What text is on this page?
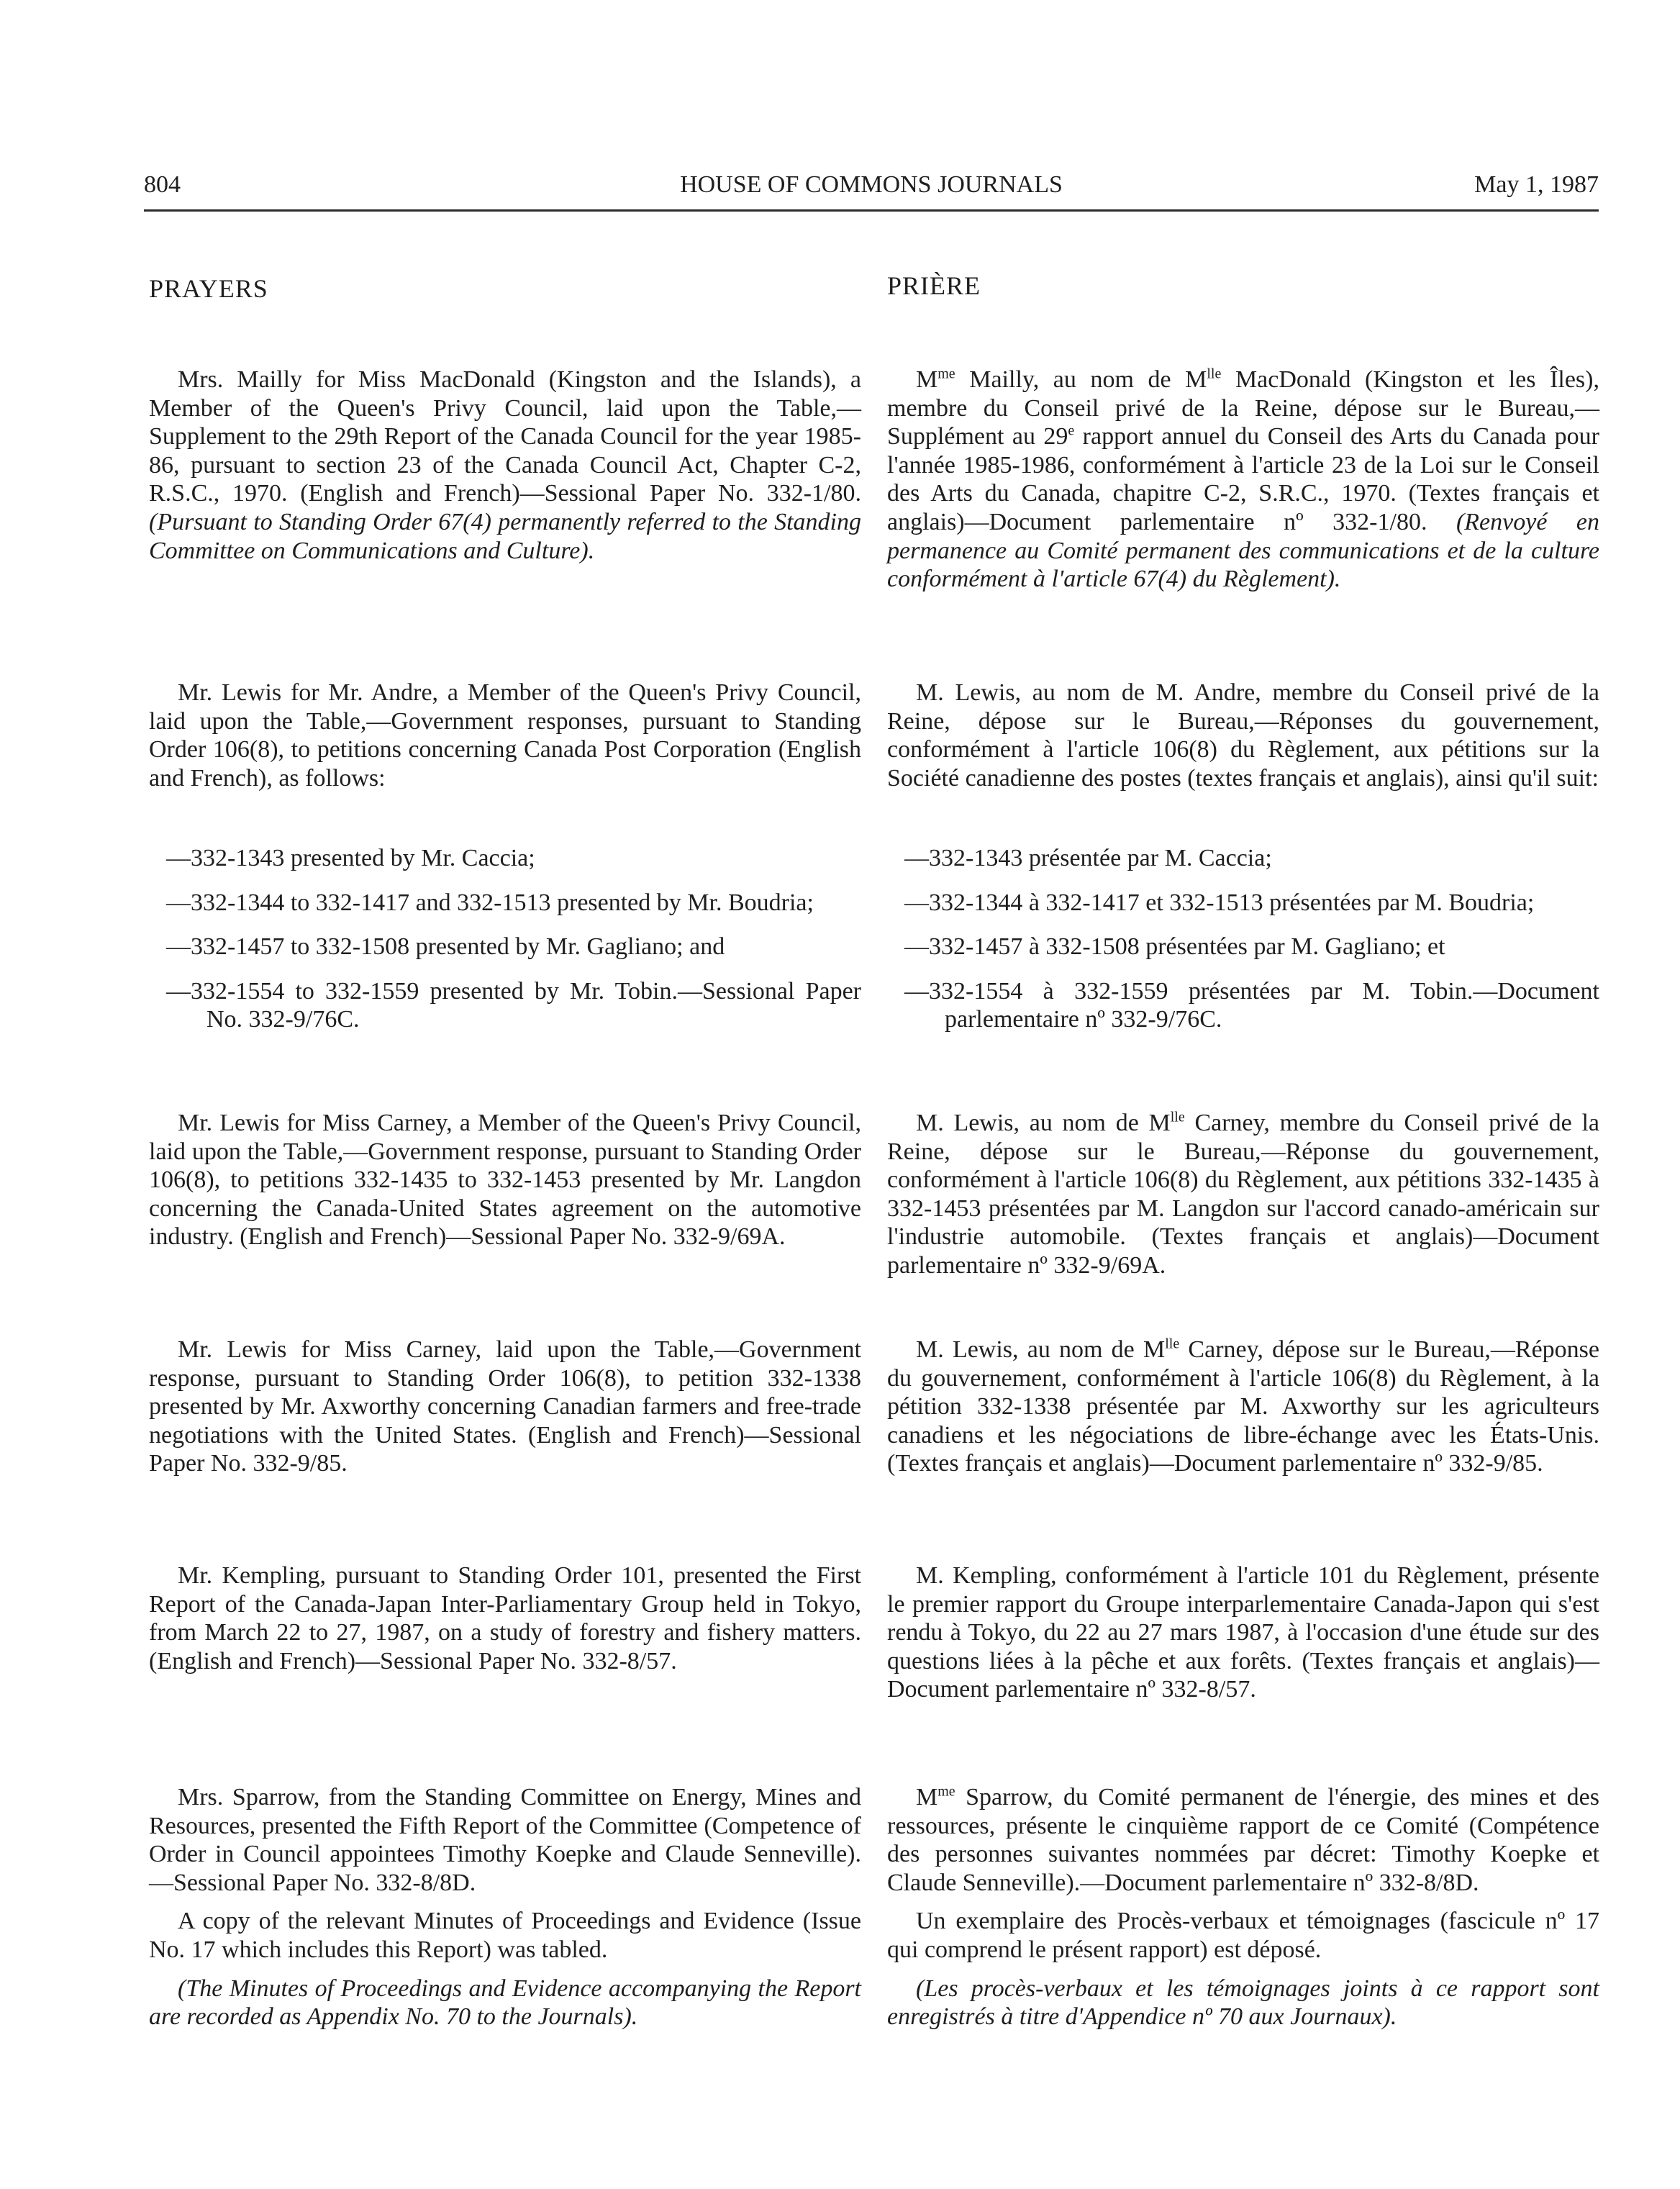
804	HOUSE OF COMMONS JOURNALS	May 1, 1987
PRAYERS

Mrs. Mailly for Miss MacDonald (Kingston and the Islands), a Member of the Queen's Privy Council, laid upon the Table,—Supplement to the 29th Report of the Canada Council for the year 1985-86, pursuant to section 23 of the Canada Council Act, Chapter C-2, R.S.C., 1970. (English and French)—Sessional Paper No. 332-1/80. (Pursuant to Standing Order 67(4) permanently referred to the Standing Committee on Communications and Culture).

Mr. Lewis for Mr. Andre, a Member of the Queen's Privy Council, laid upon the Table,—Government responses, pursuant to Standing Order 106(8), to petitions concerning Canada Post Corporation (English and French), as follows:

—332-1343 presented by Mr. Caccia;

—332-1344 to 332-1417 and 332-1513 presented by Mr. Boudria;

—332-1457 to 332-1508 presented by Mr. Gagliano; and

—332-1554 to 332-1559 presented by Mr. Tobin.—Sessional Paper No. 332-9/76C.

Mr. Lewis for Miss Carney, a Member of the Queen's Privy Council, laid upon the Table,—Government response, pursuant to Standing Order 106(8), to petitions 332-1435 to 332-1453 presented by Mr. Langdon concerning the Canada-United States agreement on the automotive industry. (English and French)—Sessional Paper No. 332-9/69A.

Mr. Lewis for Miss Carney, laid upon the Table,—Government response, pursuant to Standing Order 106(8), to petition 332-1338 presented by Mr. Axworthy concerning Canadian farmers and free-trade negotiations with the United States. (English and French)—Sessional Paper No. 332-9/85.

Mr. Kempling, pursuant to Standing Order 101, presented the First Report of the Canada-Japan Inter-Parliamentary Group held in Tokyo, from March 22 to 27, 1987, on a study of forestry and fishery matters. (English and French)—Sessional Paper No. 332-8/57.

Mrs. Sparrow, from the Standing Committee on Energy, Mines and Resources, presented the Fifth Report of the Committee (Competence of Order in Council appointees Timothy Koepke and Claude Senneville).—Sessional Paper No. 332-8/8D.

A copy of the relevant Minutes of Proceedings and Evidence (Issue No. 17 which includes this Report) was tabled.

(The Minutes of Proceedings and Evidence accompanying the Report are recorded as Appendix No. 70 to the Journals).

PRIÈRE

$M^{me}$ Mailly, au nom de $M^{lle}$ MacDonald (Kingston et les Îles), membre du Conseil privé de la Reine, dépose sur le Bureau,—Supplément au 29e rapport annuel du Conseil des Arts du Canada pour l'année 1985-1986, conformément à l'article 23 de la Loi sur le Conseil des Arts du Canada, chapitre C-2, S.R.C., 1970. (Textes français et anglais)—Document parlementaire nº 332-1/80. (Renvoyé en permanence au Comité permanent des communications et de la culture conformément à l'article 67(4) du Règlement).

M. Lewis, au nom de M. Andre, membre du Conseil privé de la Reine, dépose sur le Bureau,—Réponses du gouvernement, conformément à l'article 106(8) du Règlement, aux pétitions sur la Société canadienne des postes (textes français et anglais), ainsi qu'il suit:

—332-1343 présentée par M. Caccia;

—332-1344 à 332-1417 et 332-1513 présentées par M. Boudria;

—332-1457 à 332-1508 présentées par M. Gagliano; et

—332-1554 à 332-1559 présentées par M. Tobin.—Document parlementaire nº 332-9/76C.

M. Lewis, au nom de $M^{lle}$ Carney, membre du Conseil privé de la Reine, dépose sur le Bureau,—Réponse du gouvernement, conformément à l'article 106(8) du Règlement, aux pétitions 332-1435 à 332-1453 présentées par M. Langdon sur l'accord canado-américain sur l'industrie automobile. (Textes français et anglais)—Document parlementaire nº 332-9/69A.

M. Lewis, au nom de $M^{lle}$ Carney, dépose sur le Bureau,—Réponse du gouvernement, conformément à l'article 106(8) du Règlement, à la pétition 332-1338 présentée par M. Axworthy sur les agriculteurs canadiens et les négociations de libre-échange avec les États-Unis. (Textes français et anglais)—Document parlementaire nº 332-9/85.

M. Kempling, conformément à l'article 101 du Règlement, présente le premier rapport du Groupe interparlementaire Canada-Japon qui s'est rendu à Tokyo, du 22 au 27 mars 1987, à l'occasion d'une étude sur des questions liées à la pêche et aux forêts. (Textes français et anglais)—Document parlementaire nº 332-8/57.

$M^{me}$ Sparrow, du Comité permanent de l'énergie, des mines et des ressources, présente le cinquième rapport de ce Comité (Compétence des personnes suivantes nommées par décret: Timothy Koepke et Claude Senneville).—Document parlementaire nº 332-8/8D.

Un exemplaire des Procès-verbaux et témoignages (fascicule nº 17 qui comprend le présent rapport) est déposé.

(Les procès-verbaux et les témoignages joints à ce rapport sont enregistrés à titre d'Appendice nº 70 aux Journaux).
